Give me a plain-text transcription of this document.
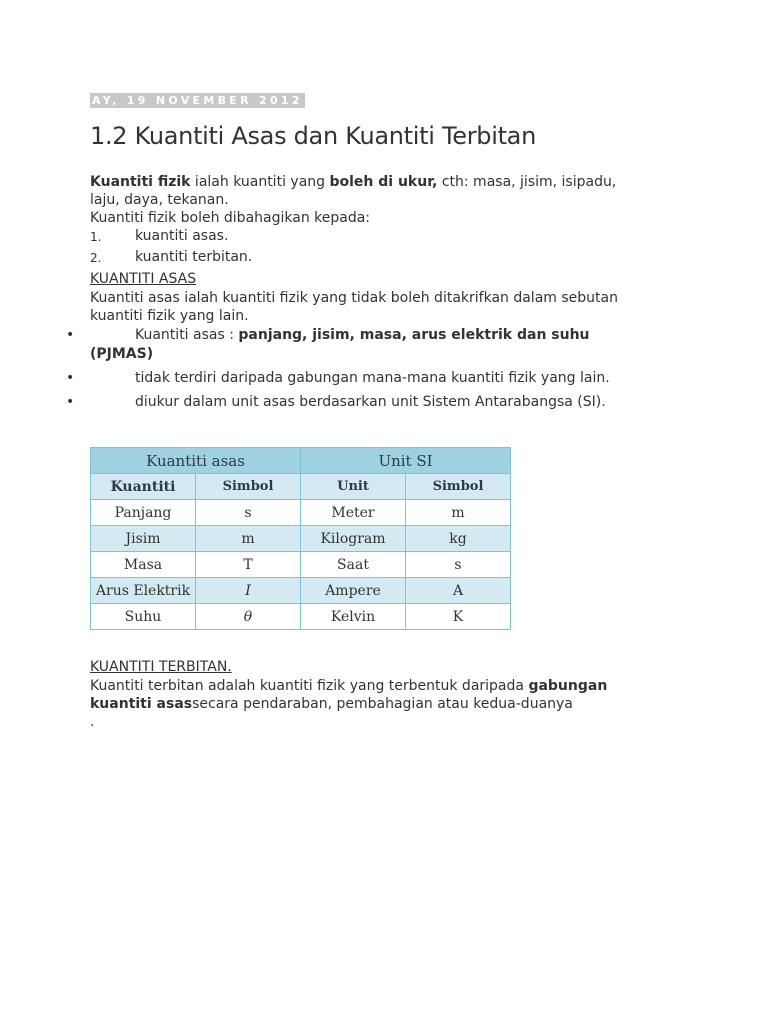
AY, 19 NOVEMBER 2012
1.2 Kuantiti Asas dan Kuantiti Terbitan
Kuantiti fizik ialah kuantiti yang boleh di ukur, cth: masa, jisim, isipadu,
laju, daya, tekanan.
Kuantiti fizik boleh dibahagikan kepada:
1. kuantiti asas.
2. kuantiti terbitan.
KUANTITI ASAS
Kuantiti asas ialah kuantiti fizik yang tidak boleh ditakrifkan dalam sebutan
kuantiti fizik yang lain.
•	Kuantiti asas : panjang, jisim, masa, arus elektrik dan suhu
(PJMAS)
•	tidak terdiri daripada gabungan mana-mana kuantiti fizik yang lain.
•	diukur dalam unit asas berdasarkan unit Sistem Antarabangsa (SI).
Kuantiti asas		Unit SI	
Kuantiti	Simbol	Unit	Simbol
Panjang	s	Meter	m
Jisim	m	Kilogram	kg
Masa	T	Saat	s
Arus Elektrik	I	Ampere	A
Suhu	θ	Kelvin	K
KUANTITI TERBITAN.
Kuantiti terbitan adalah kuantiti fizik yang terbentuk daripada gabungan
kuantiti asassecara pendaraban, pembahagian atau kedua-duanya
.
